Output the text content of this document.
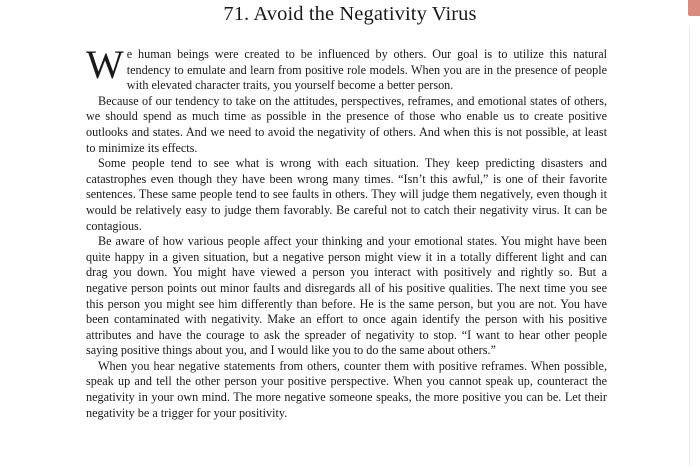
71. Avoid the Negativity Virus

We human beings were created to be influenced by others. Our goal is to utilize this natural tendency to emulate and learn from positive role models. When you are in the presence of people with elevated character traits, you yourself become a better person.

Because of our tendency to take on the attitudes, perspectives, reframes, and emotional states of others, we should spend as much time as possible in the presence of those who enable us to create positive outlooks and states. And we need to avoid the negativity of others. And when this is not possible, at least to minimize its effects.

Some people tend to see what is wrong with each situation. They keep predicting disasters and catastrophes even though they have been wrong many times. “Isn’t this awful,” is one of their favorite sentences. These same people tend to see faults in others. They will judge them negatively, even though it would be relatively easy to judge them favorably. Be careful not to catch their negativity virus. It can be contagious.

Be aware of how various people affect your thinking and your emotional states. You might have been quite happy in a given situation, but a negative person might view it in a totally different light and can drag you down. You might have viewed a person you interact with positively and rightly so. But a negative person points out minor faults and disregards all of his positive qualities. The next time you see this person you might see him differently than before. He is the same person, but you are not. You have been contaminated with negativity. Make an effort to once again identify the person with his positive attributes and have the courage to ask the spreader of negativity to stop. “I want to hear other people saying positive things about you, and I would like you to do the same about others.”

When you hear negative statements from others, counter them with positive reframes. When possible, speak up and tell the other person your positive perspective. When you cannot speak up, counteract the negativity in your own mind. The more negative someone speaks, the more positive you can be. Let their negativity be a trigger for your positivity.
